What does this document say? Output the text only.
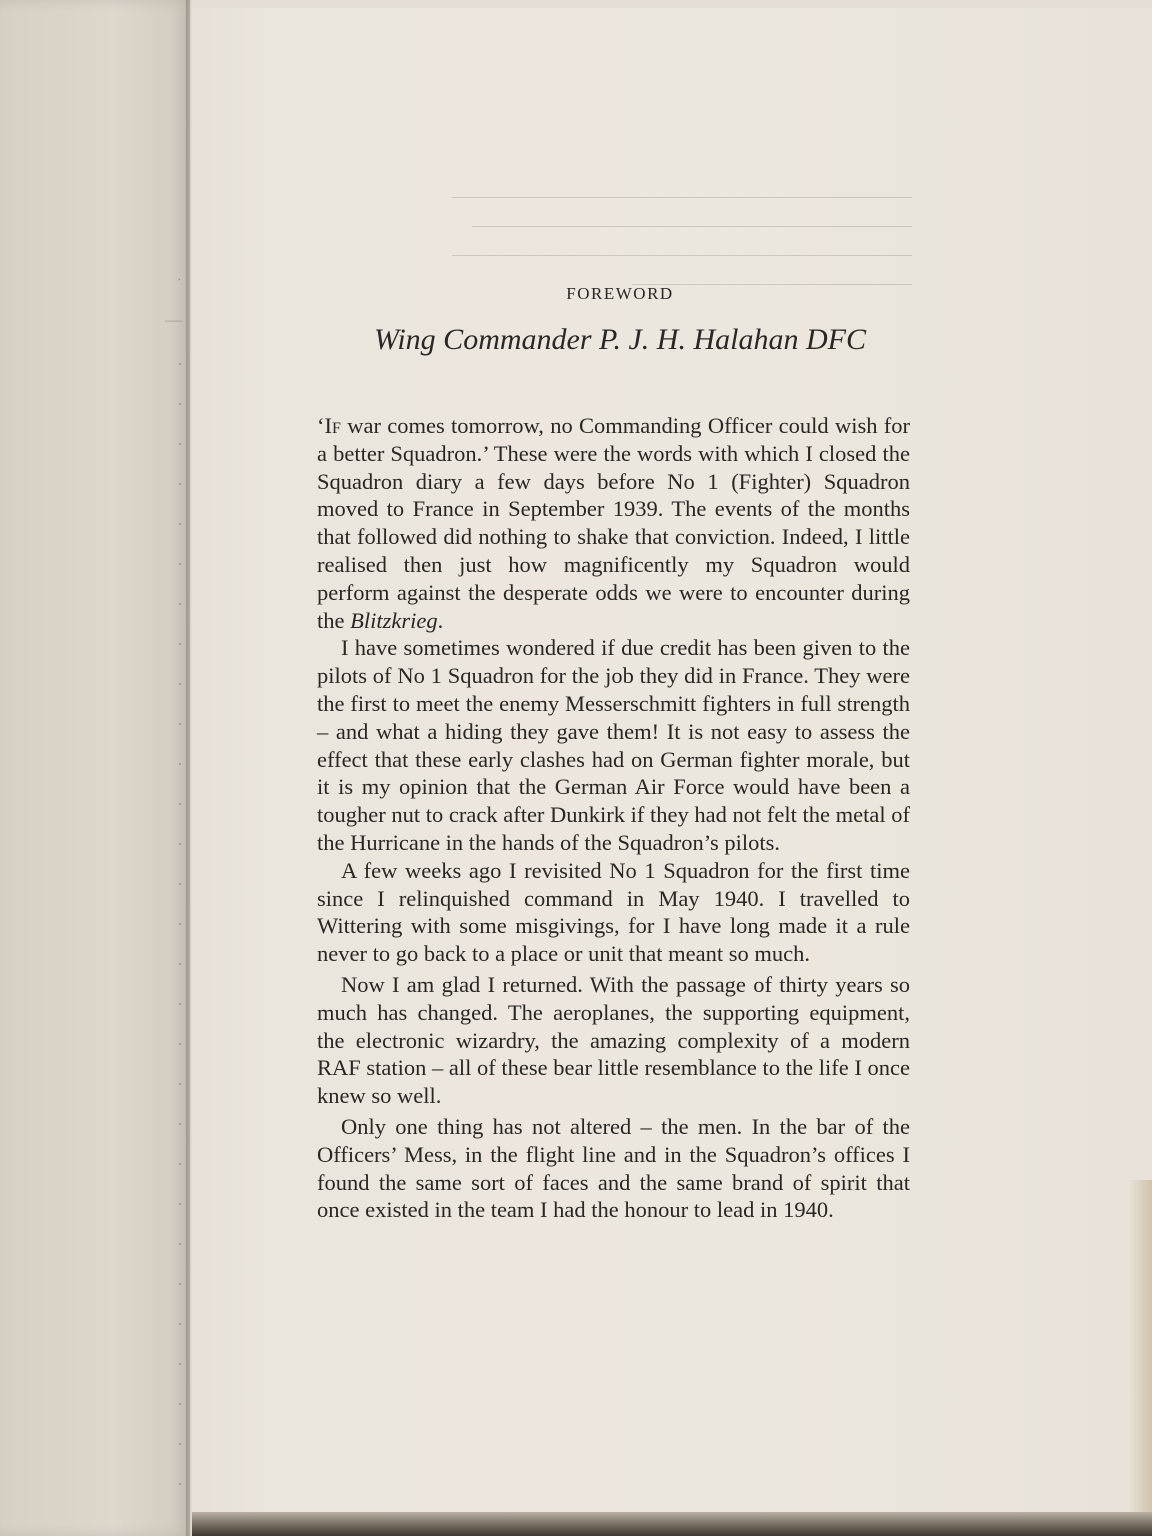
·
—
.
.
.
.
.
.
.
.
.
.
.
.
.
.
.
.
.
.
.
.
.
.
.
.
.
.
.
.
.
———————————————————————
——————————————————————
———————————————————————
——————————————
FOREWORD
Wing Commander P. J. H. Halahan DFC

‘If war comes tomorrow, no Commanding Officer could wish for a better Squadron.’ These were the words with which I closed the Squadron diary a few days before No 1 (Fighter) Squadron moved to France in September 1939. The events of the months that followed did nothing to shake that conviction. Indeed, I little realised then just how magnificently my Squadron would perform against the desperate odds we were to encounter during the Blitzkrieg.

I have sometimes wondered if due credit has been given to the pilots of No 1 Squadron for the job they did in France. They were the first to meet the enemy Messerschmitt fighters in full strength – and what a hiding they gave them! It is not easy to assess the effect that these early clashes had on German fighter morale, but it is my opinion that the German Air Force would have been a tougher nut to crack after Dunkirk if they had not felt the metal of the Hurricane in the hands of the Squadron’s pilots.

A few weeks ago I revisited No 1 Squadron for the first time since I relinquished command in May 1940. I travelled to Wittering with some misgivings, for I have long made it a rule never to go back to a place or unit that meant so much.

Now I am glad I returned. With the passage of thirty years so much has changed. The aeroplanes, the supporting equipment, the electronic wizardry, the amazing complexity of a modern RAF station – all of these bear little resemblance to the life I once knew so well.

Only one thing has not altered – the men. In the bar of the Officers’ Mess, in the flight line and in the Squadron’s offices I found the same sort of faces and the same brand of spirit that once existed in the team I had the honour to lead in 1940.
